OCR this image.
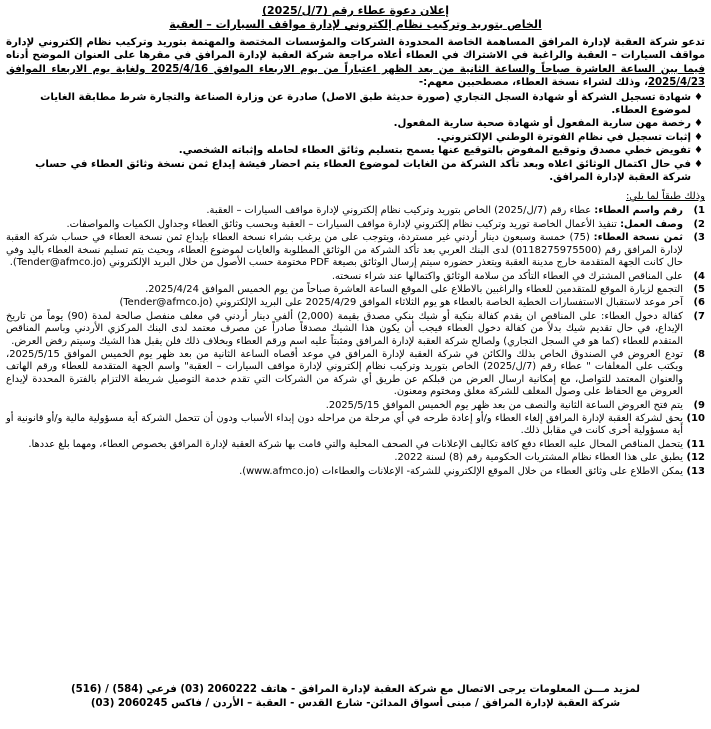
إعلان دعوة عطاء رقم (7/ل/2025)
الخاص بتوريد وتركيب نظام إلكتروني لإدارة مواقف السيارات – العقبة
تدعو شركة العقبة لإدارة المرافق المساهمة الخاصة المحدودة الشركات والمؤسسات المختصة والمهتمة بتوريد وتركيب نظام إلكتروني لإدارة مواقف السيارات – العقبة والراغبة في الاشتراك في العطاء أعلاه مراجعة شركة العقبة لإدارة المرافق في مقرها على العنوان الموضح أدناه فيما بين الساعة العاشرة صباحاً والساعة الثانية من بعد الظهر اعتباراً من يوم الاربعاء الموافق 2025/4/16 ولغاية يوم الاربعاء الموافق 2025/4/23، وذلك لشراء نسخة العطاء، مصطحبين معهم:-
♦
شهادة تسجيل الشركة أو شهادة السجل التجاري (صورة حديثة طبق الاصل) صادرة عن وزارة الصناعة والتجارة شرط مطابقة الغايات لموضوع العطاء.
♦
رخصة مهن سارية المفعول أو شهادة صحية سارية المفعول.
♦
إثبات تسجيل في نظام الفوترة الوطني الإلكتروني.
♦
تفويض خطي مصدق وتوقيع المفوض بالتوقيع عنها يسمح بتسليم وثائق العطاء لحامله وإثباته الشخصي.
♦
في حال اكتمال الوثائق اعلاه وبعد تأكد الشركة من الغايات لموضوع العطاء يتم احضار فيشة إيداع ثمن نسخة وثائق العطاء في حساب شركة العقبة لإدارة المرافق.
وذلك طبقاً لما يلي:
1)
رقم واسم العطاء: عطاء رقم (7/ل/2025) الخاص بتوريد وتركيب نظام إلكتروني لإدارة مواقف السيارات – العقبة.
2)
وصف العمل: تنفيذ الأعمال الخاصة توريد وتركيب نظام إلكتروني لإدارة مواقف السيارات – العقبة وبحسب وثائق العطاء وجداول الكميات والمواصفات.
3)
ثمن نسخة العطاء: (75) خمسة وسبعون دينار أردني غير مستردة، ويتوجب على من يرغب بشراء نسخة العطاء بإيداع ثمن نسخة العطاء في حساب شركة العقبة لإدارة المرافق رقم (0118275975500) لدى البنك العربي بعد تأكد الشركة من الوثائق المطلوبة والغايات لموضوع العطاء، وبحيث يتم تسليم نسخة العطاء باليد وفي حال كانت الجهة المتقدمة خارج مدينة العقبة ويتعذر حضوره سيتم إرسال الوثائق بصيغة PDF مختومة حسب الأصول من خلال البريد الإلكتروني (Tender@afmco.jo).
4)
على المناقص المشترك في العطاء التأكد من سلامة الوثائق واكتمالها عند شراء نسخته.
5)
التجمع لزيارة الموقع للمتقدمين للعطاء والراغبين بالاطلاع على الموقع الساعة العاشرة صباحاً من يوم الخميس الموافق 2025/4/24.
6)
آخر موعد لاستقبال الاستفسارات الخطية الخاصة بالعطاء هو يوم الثلاثاء الموافق 2025/4/29 على البريد الإلكتروني (Tender@afmco.jo)
7)
كفالة دخول العطاء: على المناقص ان يقدم كفالة بنكية أو شيك بنكي مصدق بقيمة (2,000) ألفي دينار أردني في مغلف منفصل صالحة لمدة (90) يوماً من تاريخ الإيداع، في حال تقديم شيك بدلاً من كفالة دخول العطاء فيجب أن يكون هذا الشيك مصدقاً صادراً عن مصرف معتمد لدى البنك المركزي الأردني وباسم المناقص المتقدم للعطاء (كما هو في السجل التجاري) ولصالح شركة العقبة لإدارة المرافق ومثبتاً عليه اسم ورقم العطاء وبخلاف ذلك فلن يقبل هذا الشيك وسيتم رفض العرض.
8)
تودع العروض في الصندوق الخاص بذلك والكائن في شركة العقبة لإدارة المرافق في موعد أقصاه الساعة الثانية من بعد ظهر يوم الخميس الموافق 2025/5/15، ويكتب على المغلفات " عطاء رقم (7/ل/2025) الخاص بتوريد وتركيب نظام إلكتروني لإدارة مواقف السيارات – العقبة" واسم الجهة المتقدمة للعطاء ورقم الهاتف والعنوان المعتمد للتواصل، مع إمكانية ارسال العرض من قبلكم عن طريق أي شركة من الشركات التي تقدم خدمة التوصيل شريطة الالتزام بالفترة المحددة لإيداع العروض مع الحفاظ على وصول المغلف للشركة مغلق ومختوم ومعنون.
9)
يتم فتح العروض الساعة الثانية والنصف من بعد ظهر يوم الخميس الموافق 2025/5/15.
10)
يحق لشركة العقبة لإدارة المرافق إلغاء العطاء و/أو إعادة طرحه في أي مرحلة من مراحله دون إبداء الأسباب ودون أن تتحمل الشركة أية مسؤولية مالية و/أو قانونية أو أية مسؤولية أخرى كانت في مقابل ذلك.
11)
يتحمل المناقص المحال عليه العطاء دفع كافة تكاليف الإعلانات في الصحف المحلية والتي قامت بها شركة العقبة لإدارة المرافق بخصوص العطاء، ومهما بلغ عددها.
12)
يطبق على هذا العطاء نظام المشتريات الحكومية رقم (8) لسنة 2022.
13)
يمكن الاطلاع على وثائق العطاء من خلال الموقع الإلكتروني للشركة- الإعلانات والعطاءات (www.afmco.jo).
لمزيد مـــن المعلومات يرجى الاتصال مع شركة العقبة لإدارة المرافق - هاتف 2060222 (03) فرعي (584) / (516)
شركة العقبة لإدارة المرافق / مبنى أسواق المدائن- شارع القدس - العقبة – الأردن / فاكس 2060245 (03)
